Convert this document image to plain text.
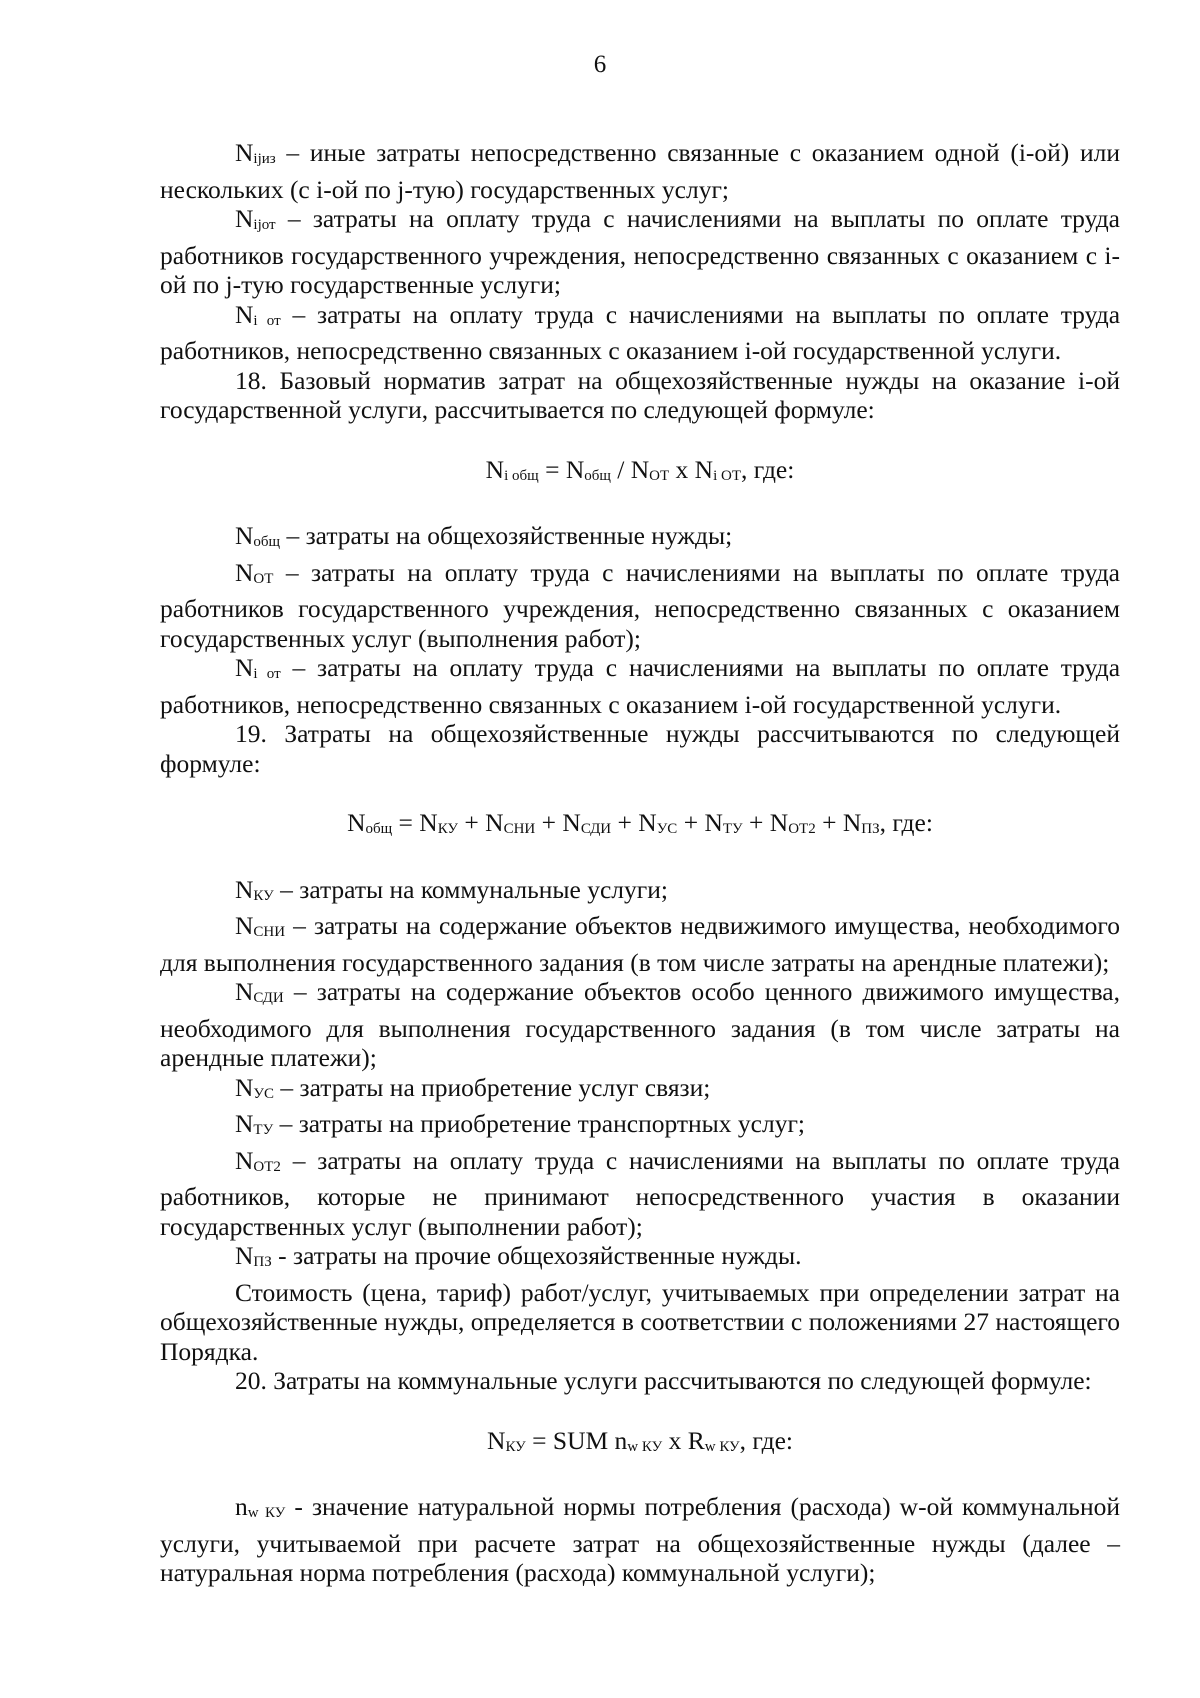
6

Nijиз – иные затраты непосредственно связанные с оказанием одной (i-ой) или нескольких (с i-ой по j-тую) государственных услуг;

Nijот – затраты на оплату труда с начислениями на выплаты по оплате труда работников государственного учреждения, непосредственно связанных с оказанием с i-ой по j-тую государственные услуги;

Ni от – затраты на оплату труда с начислениями на выплаты по оплате труда работников, непосредственно связанных с оказанием i-ой государственной услуги.

18. Базовый норматив затрат на общехозяйственные нужды на оказание i-ой государственной услуги, рассчитывается по следующей формуле:

Ni общ = Nобщ / NОТ x Ni ОТ, где:

Nобщ – затраты на общехозяйственные нужды;

NОТ – затраты на оплату труда с начислениями на выплаты по оплате труда работников государственного учреждения, непосредственно связанных с оказанием государственных услуг (выполнения работ);

Ni от – затраты на оплату труда с начислениями на выплаты по оплате труда работников, непосредственно связанных с оказанием i-ой государственной услуги.

19. Затраты на общехозяйственные нужды рассчитываются по следующей формуле:

Nобщ = NКУ + NСНИ + NСДИ + NУС + NТУ + NОТ2 + NПЗ, где:

NКУ – затраты на коммунальные услуги;

NСНИ – затраты на содержание объектов недвижимого имущества, необходимого для выполнения государственного задания (в том числе затраты на арендные платежи);

NСДИ – затраты на содержание объектов особо ценного движимого имущества, необходимого для выполнения государственного задания (в том числе затраты на арендные платежи);

NУС – затраты на приобретение услуг связи;

NТУ – затраты на приобретение транспортных услуг;

NОТ2 – затраты на оплату труда с начислениями на выплаты по оплате труда работников, которые не принимают непосредственного участия в оказании государственных услуг (выполнении работ);

NПЗ - затраты на прочие общехозяйственные нужды.

Стоимость (цена, тариф) работ/услуг, учитываемых при определении затрат на общехозяйственные нужды, определяется в соответствии с положениями 27 настоящего Порядка.

20. Затраты на коммунальные услуги рассчитываются по следующей формуле:

NКУ = SUM nw КУ x Rw КУ, где:

nw КУ - значение натуральной нормы потребления (расхода) w-ой коммунальной услуги, учитываемой при расчете затрат на общехозяйственные нужды (далее – натуральная норма потребления (расхода) коммунальной услуги);
